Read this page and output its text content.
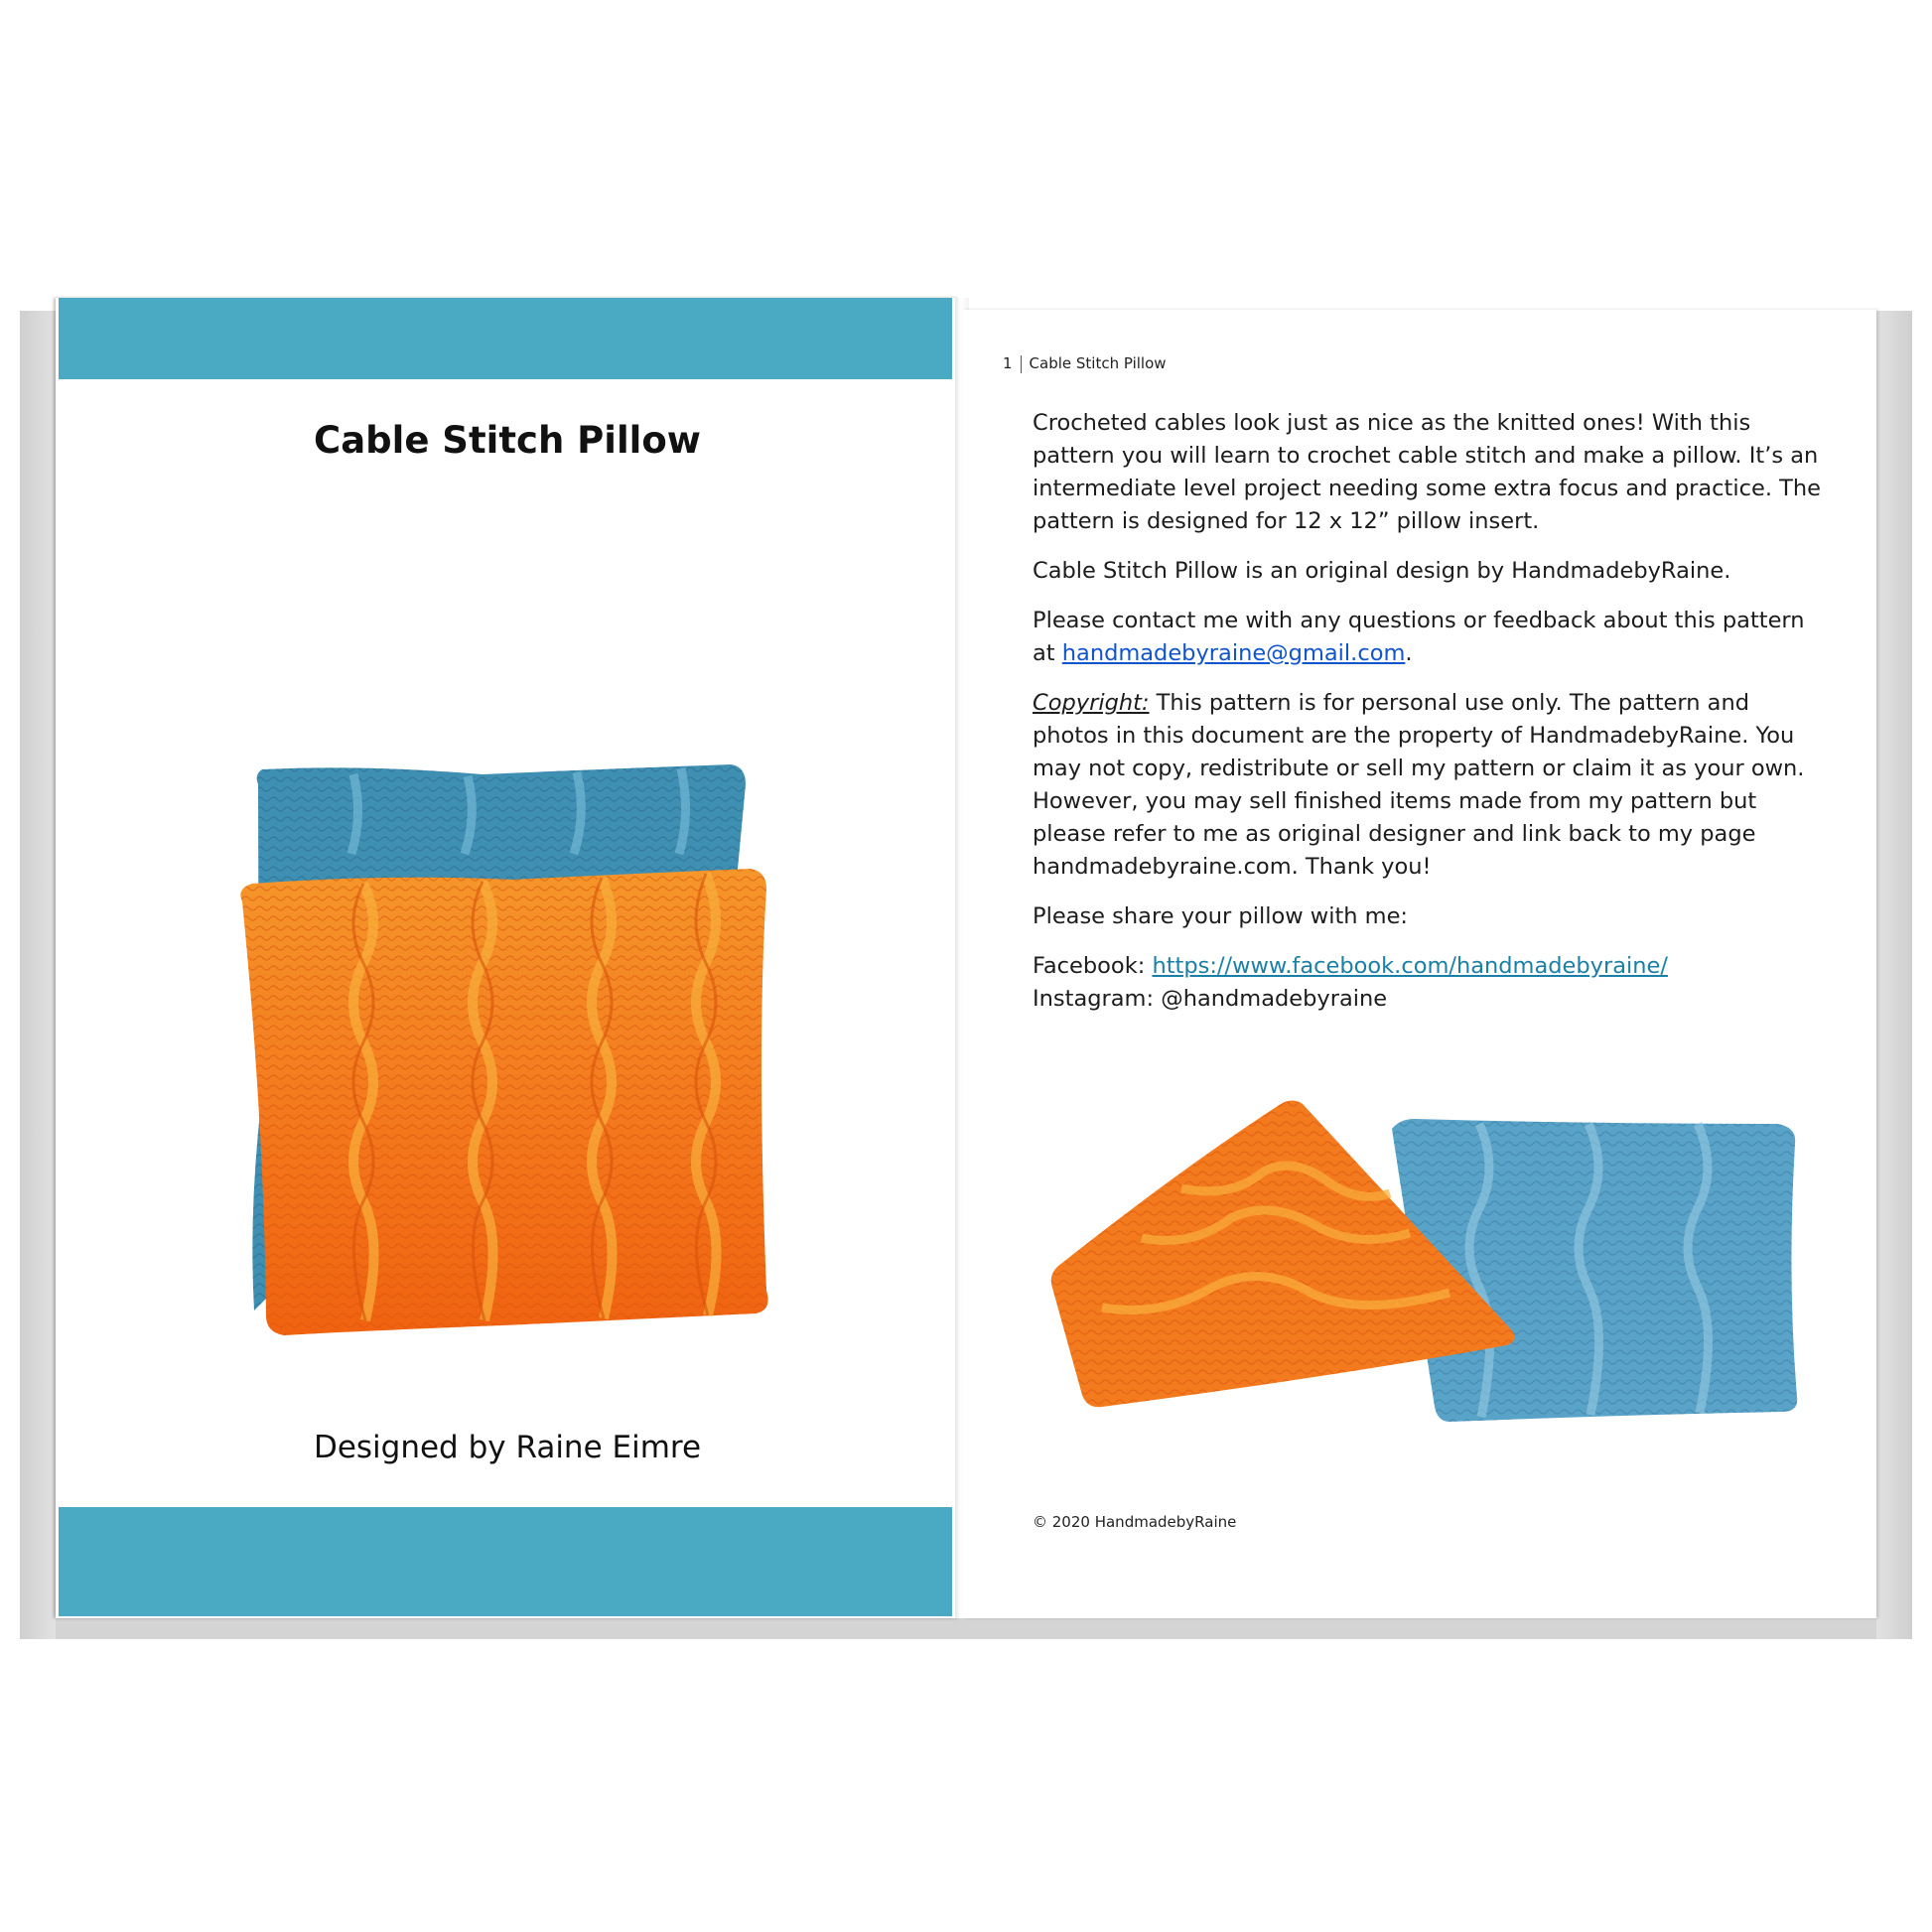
Cable Stitch Pillow
Designed by Raine Eimre
1 Cable Stitch Pillow

Crocheted cables look just as nice as the knitted ones! With this pattern you will learn to crochet cable stitch and make a pillow. It’s an intermediate level project needing some extra focus and practice. The pattern is designed for 12 x 12” pillow insert.

Cable Stitch Pillow is an original design by HandmadebyRaine.

Please contact me with any questions or feedback about this pattern at handmadebyraine@gmail.com.

Copyright: This pattern is for personal use only. The pattern and photos in this document are the property of HandmadebyRaine. You may not copy, redistribute or sell my pattern or claim it as your own. However, you may sell finished items made from my pattern but please refer to me as original designer and link back to my page handmadebyraine.com. Thank you!

Please share your pillow with me:

Facebook: https://www.facebook.com/handmadebyraine/
Instagram: @handmadebyraine

© 2020 HandmadebyRaine
